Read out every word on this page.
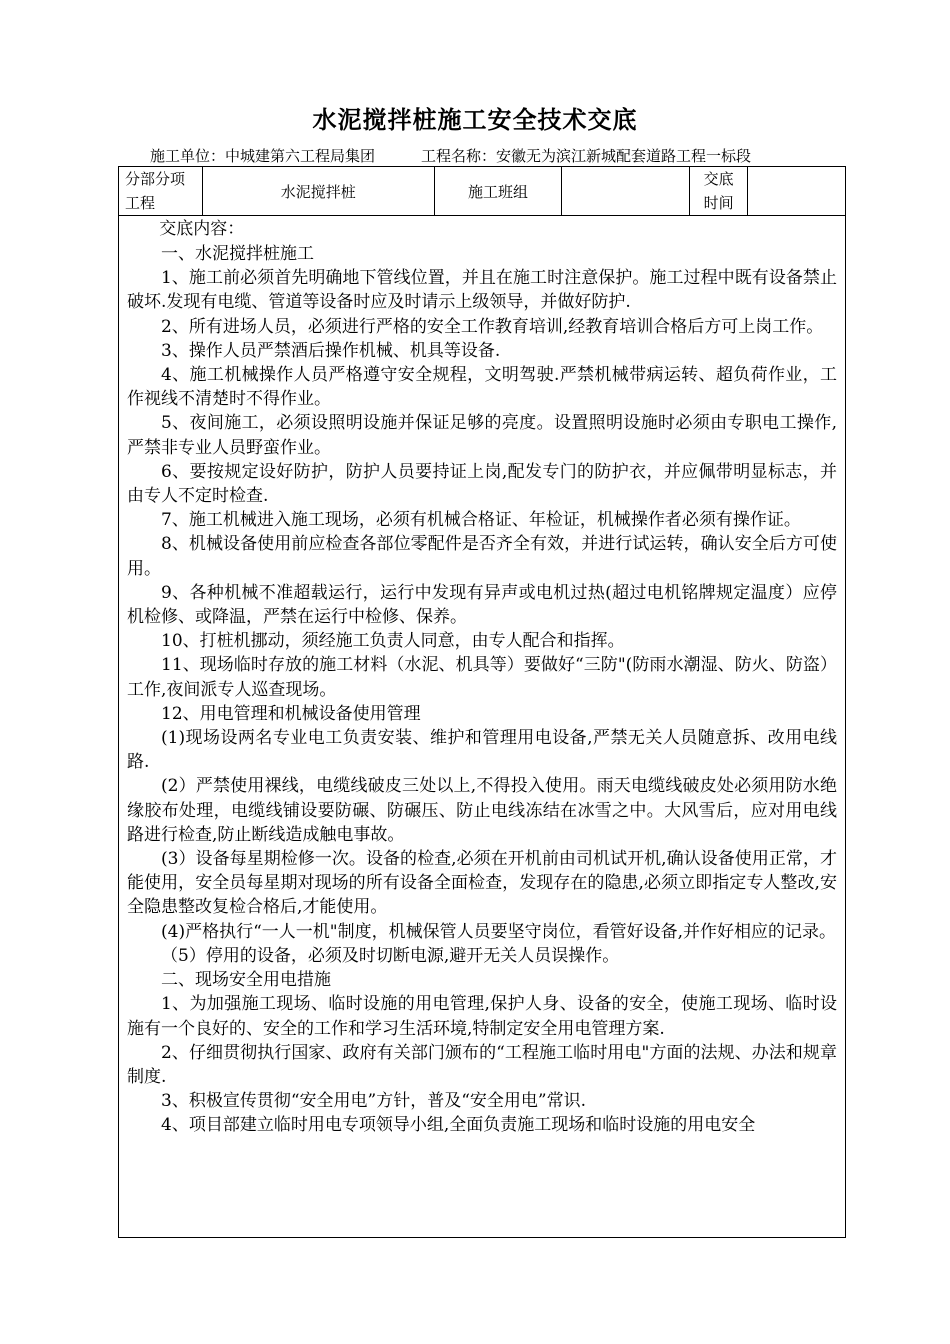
水泥搅拌桩施工安全技术交底
施工单位：中城建第六工程局集团	工程名称：安徽无为滨江新城配套道路工程一标段
分部分项工程	水泥搅拌桩	施工班组		交底时间	

交底内容：

一、水泥搅拌桩施工

1、施工前必须首先明确地下管线位置，并且在施工时注意保护。施工过程中既有设备禁止破坏.发现有电缆、管道等设备时应及时请示上级领导，并做好防护.

2、所有进场人员，必须进行严格的安全工作教育培训,经教育培训合格后方可上岗工作。

3、操作人员严禁酒后操作机械、机具等设备.

4、施工机械操作人员严格遵守安全规程，文明驾驶.严禁机械带病运转、超负荷作业，工作视线不清楚时不得作业。

5、夜间施工，必须设照明设施并保证足够的亮度。设置照明设施时必须由专职电工操作,严禁非专业人员野蛮作业。

6、要按规定设好防护，防护人员要持证上岗,配发专门的防护衣，并应佩带明显标志，并由专人不定时检查.

7、施工机械进入施工现场，必须有机械合格证、年检证，机械操作者必须有操作证。

8、机械设备使用前应检查各部位零配件是否齐全有效，并进行试运转，确认安全后方可使用。

9、各种机械不准超载运行，运行中发现有异声或电机过热(超过电机铭牌规定温度）应停机检修、或降温，严禁在运行中检修、保养。

10、打桩机挪动，须经施工负责人同意，由专人配合和指挥。

11、现场临时存放的施工材料（水泥、机具等）要做好“三防"(防雨水潮湿、防火、防盗）工作,夜间派专人巡查现场。

12、用电管理和机械设备使用管理

(1)现场设两名专业电工负责安装、维护和管理用电设备,严禁无关人员随意拆、改用电线路.

(2）严禁使用裸线，电缆线破皮三处以上,不得投入使用。雨天电缆线破皮处必须用防水绝缘胶布处理，电缆线铺设要防碾、防碾压、防止电线冻结在冰雪之中。大风雪后，应对用电线路进行检查,防止断线造成触电事故。

(3）设备每星期检修一次。设备的检查,必须在开机前由司机试开机,确认设备使用正常，才能使用，安全员每星期对现场的所有设备全面检查，发现存在的隐患,必须立即指定专人整改,安全隐患整改复检合格后,才能使用。

(4)严格执行“一人一机"制度，机械保管人员要坚守岗位，看管好设备,并作好相应的记录。

（5）停用的设备，必须及时切断电源,避开无关人员误操作。

二、现场安全用电措施

1、为加强施工现场、临时设施的用电管理,保护人身、设备的安全，使施工现场、临时设施有一个良好的、安全的工作和学习生活环境,特制定安全用电管理方案.

2、仔细贯彻执行国家、政府有关部门颁布的“工程施工临时用电"方面的法规、办法和规章制度.

3、积极宣传贯彻“安全用电”方针，普及“安全用电”常识.

4、项目部建立临时用电专项领导小组,全面负责施工现场和临时设施的用电安全
